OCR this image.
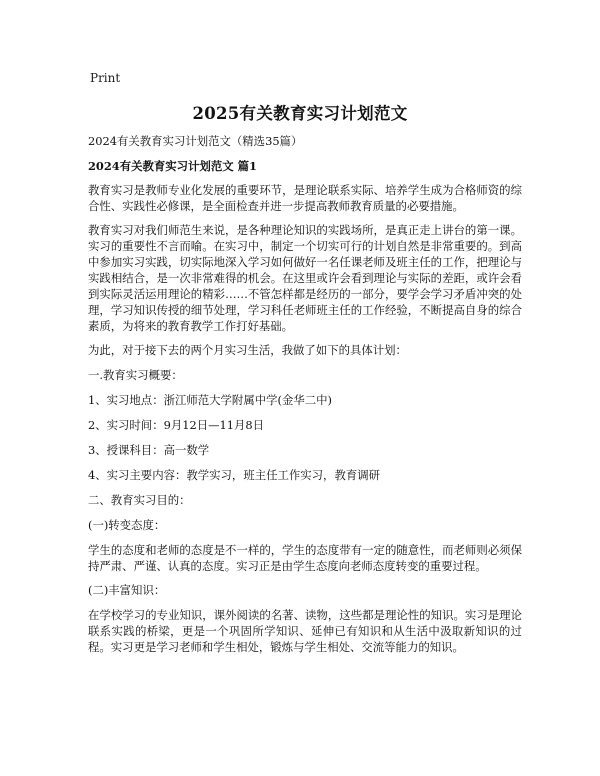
Print
2025有关教育实习计划范文

2024有关教育实习计划范文（精选35篇）

2024有关教育实习计划范文 篇1

教育实习是教师专业化发展的重要环节，是理论联系实际、培养学生成为合格师资的综合性、实践性必修课，是全面检查并进一步提高教师教育质量的必要措施。

教育实习对我们师范生来说，是各种理论知识的实践场所，是真正走上讲台的第一课。实习的重要性不言而喻。在实习中，制定一个切实可行的计划自然是非常重要的。到高中参加实习实践，切实际地深入学习如何做好一名任课老师及班主任的工作，把理论与实践相结合，是一次非常难得的机会。在这里或许会看到理论与实际的差距，或许会看到实际灵活运用理论的精彩……不管怎样都是经历的一部分，要学会学习矛盾冲突的处理，学习知识传授的细节处理，学习科任老师班主任的工作经验，不断提高自身的综合素质，为将来的教育教学工作打好基础。

为此，对于接下去的两个月实习生活，我做了如下的具体计划：

一.教育实习概要：

1、实习地点：浙江师范大学附属中学(金华二中)

2、实习时间：9月12日—11月8日

3、授课科目：高一数学

4、实习主要内容：教学实习，班主任工作实习，教育调研

二、教育实习目的：

(一)转变态度：

学生的态度和老师的态度是不一样的，学生的态度带有一定的随意性，而老师则必须保持严肃、严谨、认真的态度。实习正是由学生态度向老师态度转变的重要过程。

(二)丰富知识：

在学校学习的专业知识，课外阅读的名著、读物，这些都是理论性的知识。实习是理论联系实践的桥梁，更是一个巩固所学知识、延伸已有知识和从生活中汲取新知识的过程。实习更是学习老师和学生相处，锻炼与学生相处、交流等能力的知识。
